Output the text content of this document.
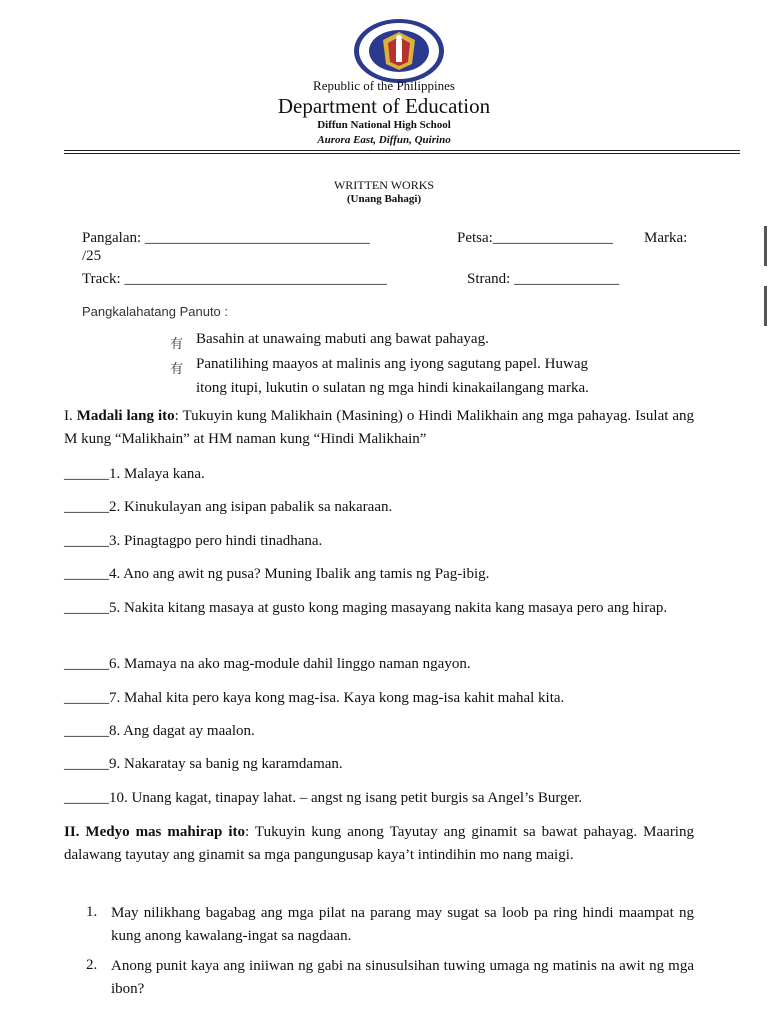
Republic of the Philippines
Department of Education
Diffun National High School
Aurora East, Diffun, Quirino
WRITTEN WORKS
(Unang Bahagi)
Pangalan: ______________________________	Petsa:________________ Marka:
/25
Track: ___________________________________	Strand: ______________
Pangkalahatang Panuto :
有 Basahin at unawaing mabuti ang bawat pahayag.
有 Panatilihing maayos at malinis ang iyong sagutang papel. Huwag
itong itupi, lukutin o sulatan ng mga hindi kinakailangang marka.
I. Madali lang ito: Tukuyin kung Malikhain (Masining) o Hindi Malikhain ang mga pahayag. Isulat ang M kung “Malikhain” at HM naman kung “Hindi Malikhain”
______1. Malaya kana.
______2. Kinukulayan ang isipan pabalik sa nakaraan.
______3. Pinagtagpo pero hindi tinadhana.
______4. Ano ang awit ng pusa? Muning Ibalik ang tamis ng Pag-ibig.
______5. Nakita kitang masaya at gusto kong maging masayang nakita kang masaya pero ang hirap.
______6. Mamaya na ako mag-module dahil linggo naman ngayon.
______7. Mahal kita pero kaya kong mag-isa. Kaya kong mag-isa kahit mahal kita.
______8. Ang dagat ay maalon.
______9. Nakaratay sa banig ng karamdaman.
______10. Unang kagat, tinapay lahat. – angst ng isang petit burgis sa Angel’s Burger.
II. Medyo mas mahirap ito: Tukuyin kung anong Tayutay ang ginamit sa bawat pahayag. Maaring dalawang tayutay ang ginamit sa mga pangungusap kaya’t intindihin mo nang maigi.
1. May nilikhang bagabag ang mga pilat na parang may sugat sa loob pa ring hindi maampat ng kung anong kawalang-ingat sa nagdaan.
2. Anong punit kaya ang iniiwan ng gabi na sinusulsihan tuwing umaga ng matinis na awit ng mga ibon?
